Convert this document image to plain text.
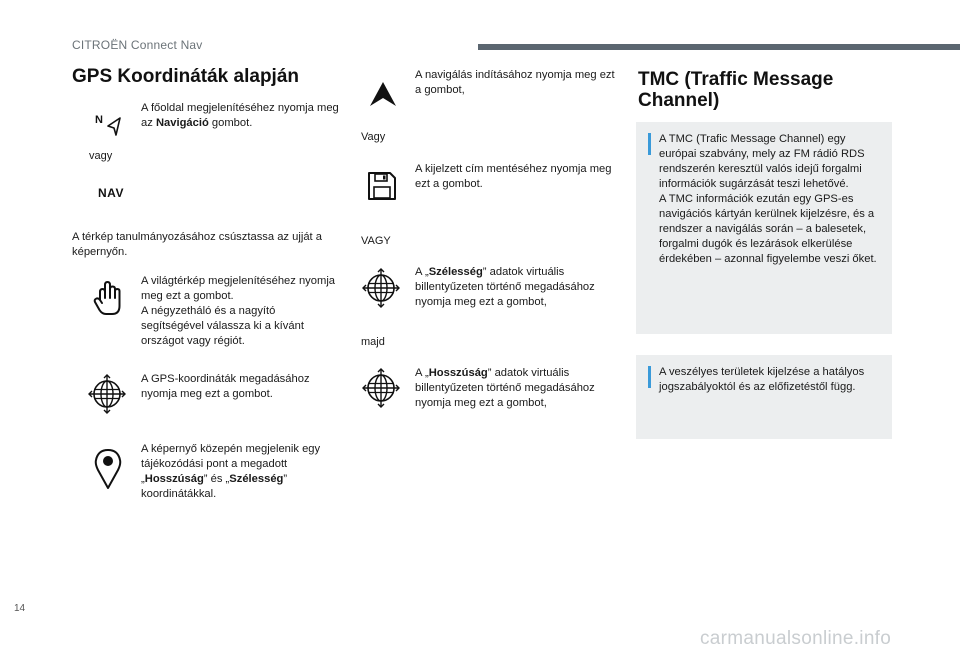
CITROËN Connect Nav
GPS Koordináták alapján
N
A főoldal megjelenítéséhez nyomja meg az Navigáció gombot.
vagy
NAV
A térkép tanulmányozásához csúsztassa az ujját a képernyőn.
A világtérkép megjelenítéséhez nyomja meg ezt a gombot.
A négyzetháló és a nagyító segítségével válassza ki a kívánt országot vagy régiót.
A GPS-koordináták megadásához nyomja meg ezt a gombot.
A képernyő közepén megjelenik egy tájékozódási pont a megadott „Hosszúság” és „Szélesség” koordinátákkal.
A navigálás indításához nyomja meg ezt a gombot,
Vagy
A kijelzett cím mentéséhez nyomja meg ezt a gombot.
VAGY
A „Szélesség” adatok virtuális billentyűzeten történő megadásához nyomja meg ezt a gombot,
majd
A „Hosszúság” adatok virtuális billentyűzeten történő megadásához nyomja meg ezt a gombot,
TMC (Traffic Message
Channel)
A TMC (Trafic Message Channel) egy európai szabvány, mely az FM rádió RDS rendszerén keresztül valós idejű forgalmi információk sugárzását teszi lehetővé.
A TMC információk ezután egy GPS-es navigációs kártyán kerülnek kijelzésre, és a rendszer a navigálás során – a balesetek, forgalmi dugók és lezárások elkerülése érdekében – azonnal figyelembe veszi őket.
A veszélyes területek kijelzése a hatályos jogszabályoktól és az előfizetéstől függ.
14
carmanualsonline.info
